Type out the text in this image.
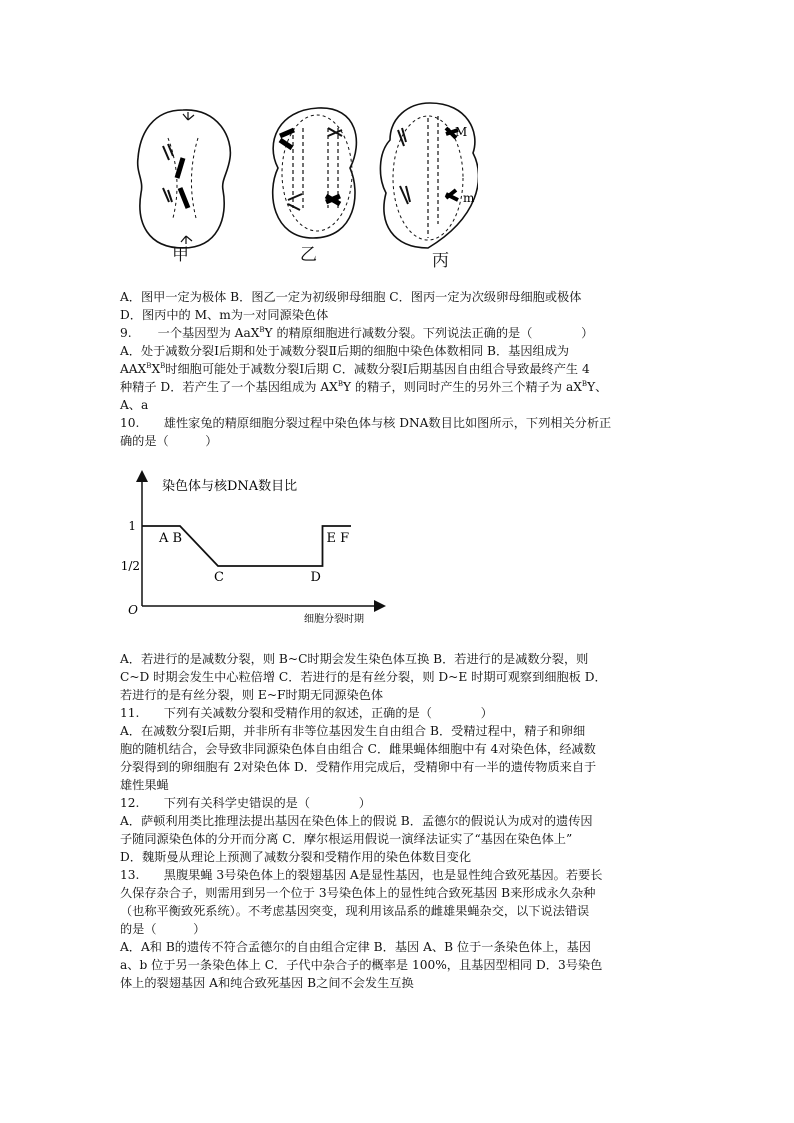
M
m
甲	乙	丙
A．图甲一定为极体 B．图乙一定为初级卵母细胞 C．图丙一定为次级卵母细胞或极体
D．图丙中的 M、m为一对同源染色体
9. 一个基因型为 AaX$^B$Y 的精原细胞进行减数分裂。下列说法正确的是（　　　　）
A．处于减数分裂Ⅰ后期和处于减数分裂Ⅱ后期的细胞中染色体数相同 B．基因组成为
$AAX^BX^B$时细胞可能处于减数分裂Ⅰ后期 C．减数分裂Ⅰ后期基因自由组合导致最终产生 4
种精子 D．若产生了一个基因组成为 $AX^BY$ 的精子，则同时产生的另外三个精子为 $aX^BY$、
A、a
10.　　雄性家兔的精原细胞分裂过程中染色体与核 DNA数目比如图所示，下列相关分析正
确的是（　　　）
染色体与核DNA数目比
细胞分裂时期
O
1
1/2
A B
C	D
E F
A．若进行的是减数分裂，则 B~C时期会发生染色体互换 B．若进行的是减数分裂，则
C~D 时期会发生中心粒倍增 C．若进行的是有丝分裂，则 D~E 时期可观察到细胞板 D．
若进行的是有丝分裂，则 E~F时期无同源染色体
11.　　下列有关减数分裂和受精作用的叙述，正确的是（　　　　）
A．在减数分裂Ⅰ后期，并非所有非等位基因发生自由组合 B．受精过程中，精子和卵细
胞的随机结合，会导致非同源染色体自由组合 C．雌果蝇体细胞中有 4对染色体，经减数
分裂得到的卵细胞有 2对染色体 D．受精作用完成后，受精卵中有一半的遗传物质来自于
雄性果蝇
12.　　下列有关科学史错误的是（　　　　）
A．萨顿利用类比推理法提出基因在染色体上的假说 B．孟德尔的假说认为成对的遗传因
子随同源染色体的分开而分离 C．摩尔根运用假说一演绎法证实了“基因在染色体上”
D．魏斯曼从理论上预测了减数分裂和受精作用的染色体数目变化
13.　　黑腹果蝇 3号染色体上的裂翅基因 A是显性基因，也是显性纯合致死基因。若要长
久保存杂合子，则需用到另一个位于 3号染色体上的显性纯合致死基因 B来形成永久杂种
（也称平衡致死系统）。不考虑基因突变，现利用该品系的雌雄果蝇杂交，以下说法错误
的是（　　　）
A．A和 B的遗传不符合孟德尔的自由组合定律 B．基因 A、B 位于一条染色体上，基因
a、b 位于另一条染色体上 C．子代中杂合子的概率是 100%，且基因型相同 D．3号染色
体上的裂翅基因 A和纯合致死基因 B之间不会发生互换
